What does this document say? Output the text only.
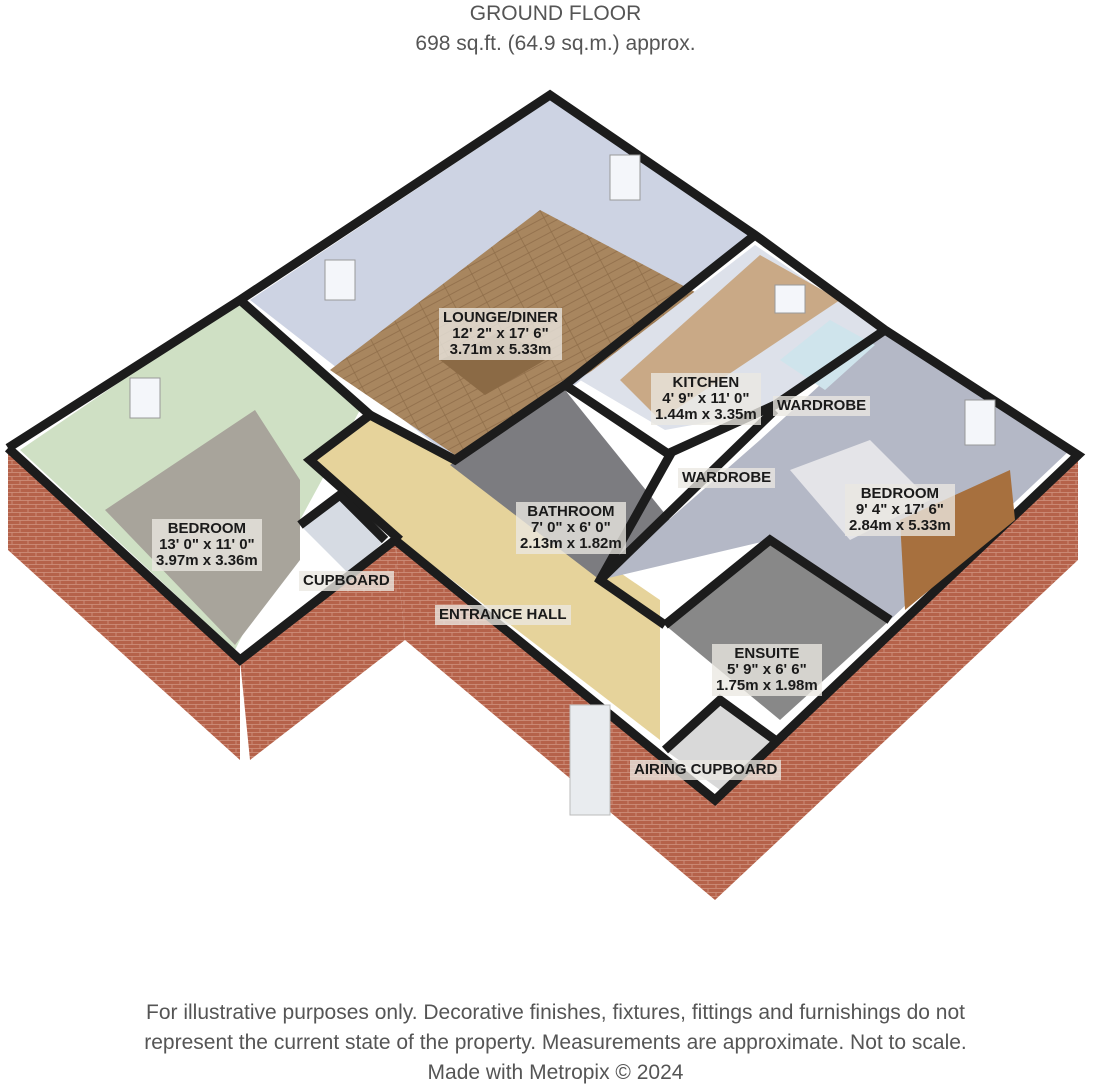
GROUND FLOOR
698 sq.ft. (64.9 sq.m.) approx.
LOUNGE/DINER
12' 2" x 17' 6"
3.71m x 5.33m
KITCHEN
4' 9" x 11' 0"
1.44m x 3.35m
WARDROBE
WARDROBE
BEDROOM
13' 0" x 11' 0"
3.97m x 3.36m
BEDROOM
9' 4" x 17' 6"
2.84m x 5.33m
BATHROOM
7' 0" x 6' 0"
2.13m x 1.82m
CUPBOARD
ENTRANCE HALL
ENSUITE
5' 9" x 6' 6"
1.75m x 1.98m
AIRING CUPBOARD
For illustrative purposes only. Decorative finishes, fixtures, fittings and furnishings do not
represent the current state of the property. Measurements are approximate. Not to scale.
Made with Metropix © 2024
